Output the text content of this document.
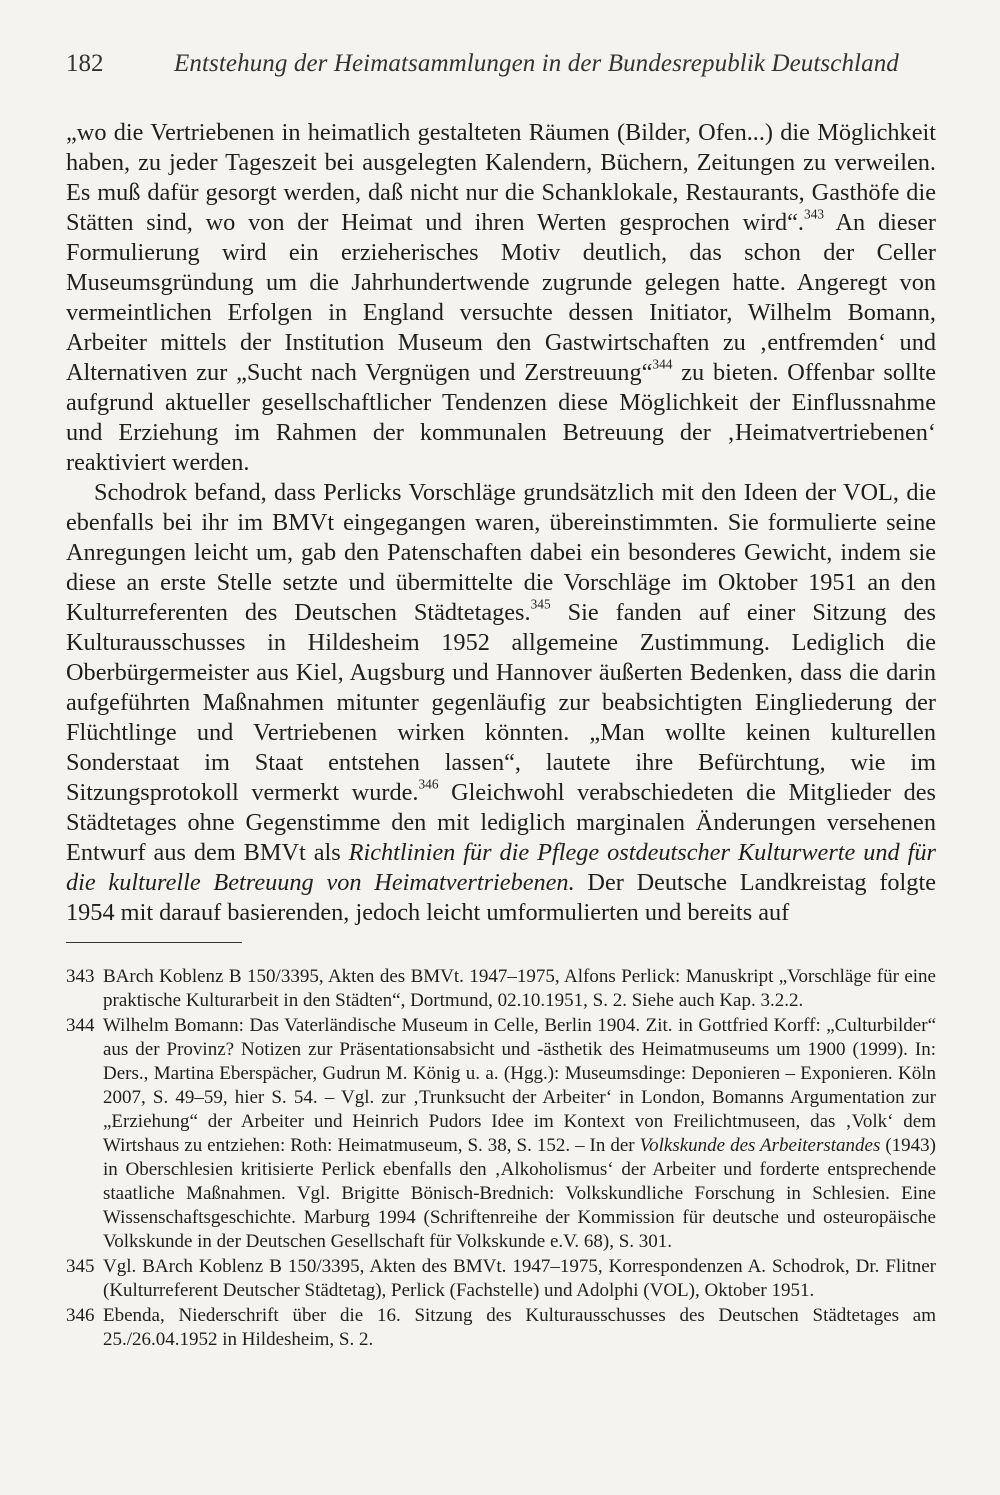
182	Entstehung der Heimatsammlungen in der Bundesrepublik Deutschland

„wo die Vertriebenen in heimatlich gestalteten Räumen (Bilder, Ofen...) die Möglichkeit haben, zu jeder Tageszeit bei ausgelegten Kalendern, Büchern, Zeitungen zu verweilen. Es muß dafür gesorgt werden, daß nicht nur die Schanklokale, Restaurants, Gasthöfe die Stätten sind, wo von der Heimat und ihren Werten gesprochen wird“.$^{343}$ An dieser Formulierung wird ein erzieherisches Motiv deutlich, das schon der Celler Museumsgründung um die Jahrhundertwende zugrunde gelegen hatte. Angeregt von vermeintlichen Erfolgen in England versuchte dessen Initiator, Wilhelm Bomann, Arbeiter mittels der Institution Museum den Gastwirtschaften zu ‚entfremden‘ und Alternativen zur „Sucht nach Vergnügen und Zerstreuung“$^{344}$ zu bieten. Offenbar sollte aufgrund aktueller gesellschaftlicher Tendenzen diese Möglichkeit der Einflussnahme und Erziehung im Rahmen der kommunalen Betreuung der ‚Heimatvertriebenen‘ reaktiviert werden.

Schodrok befand, dass Perlicks Vorschläge grundsätzlich mit den Ideen der VOL, die ebenfalls bei ihr im BMVt eingegangen waren, übereinstimmten. Sie formulierte seine Anregungen leicht um, gab den Patenschaften dabei ein besonderes Gewicht, indem sie diese an erste Stelle setzte und übermittelte die Vorschläge im Oktober 1951 an den Kulturreferenten des Deutschen Städtetages.$^{345}$ Sie fanden auf einer Sitzung des Kulturausschusses in Hildesheim 1952 allgemeine Zustimmung. Lediglich die Oberbürgermeister aus Kiel, Augsburg und Hannover äußerten Bedenken, dass die darin aufgeführten Maßnahmen mitunter gegenläufig zur beabsichtigten Eingliederung der Flüchtlinge und Vertriebenen wirken könnten. „Man wollte keinen kulturellen Sonderstaat im Staat entstehen lassen“, lautete ihre Befürchtung, wie im Sitzungsprotokoll vermerkt wurde.$^{346}$ Gleichwohl verabschiedeten die Mitglieder des Städtetages ohne Gegenstimme den mit lediglich marginalen Änderungen versehenen Entwurf aus dem BMVt als Richtlinien für die Pflege ostdeutscher Kulturwerte und für die kulturelle Betreuung von Heimatvertriebenen. Der Deutsche Landkreistag folgte 1954 mit darauf basierenden, jedoch leicht umformulierten und bereits auf

343 BArch Koblenz B 150/3395, Akten des BMVt. 1947–1975, Alfons Perlick: Manuskript „Vorschläge für eine praktische Kulturarbeit in den Städten“, Dortmund, 02.10.1951, S. 2. Siehe auch Kap. 3.2.2.
344 Wilhelm Bomann: Das Vaterländische Museum in Celle, Berlin 1904. Zit. in Gottfried Korff: „Culturbilder“ aus der Provinz? Notizen zur Präsentationsabsicht und -ästhetik des Heimatmuseums um 1900 (1999). In: Ders., Martina Eberspächer, Gudrun M. König u. a. (Hgg.): Museumsdinge: Deponieren – Exponieren. Köln 2007, S. 49–59, hier S. 54. – Vgl. zur ‚Trunksucht der Arbeiter‘ in London, Bomanns Argumentation zur „Erziehung“ der Arbeiter und Heinrich Pudors Idee im Kontext von Freilichtmuseen, das ‚Volk‘ dem Wirtshaus zu entziehen: Roth: Heimatmuseum, S. 38, S. 152. – In der Volkskunde des Arbeiterstandes (1943) in Oberschlesien kritisierte Perlick ebenfalls den ‚Alkoholismus‘ der Arbeiter und forderte entsprechende staatliche Maßnahmen. Vgl. Brigitte Bönisch-Brednich: Volkskundliche Forschung in Schlesien. Eine Wissenschaftsgeschichte. Marburg 1994 (Schriftenreihe der Kommission für deutsche und osteuropäische Volkskunde in der Deutschen Gesellschaft für Volkskunde e.V. 68), S. 301.
345 Vgl. BArch Koblenz B 150/3395, Akten des BMVt. 1947–1975, Korrespondenzen A. Schodrok, Dr. Flitner (Kulturreferent Deutscher Städtetag), Perlick (Fachstelle) und Adolphi (VOL), Oktober 1951.
346 Ebenda, Niederschrift über die 16. Sitzung des Kulturausschusses des Deutschen Städtetages am 25./26.04.1952 in Hildesheim, S. 2.
